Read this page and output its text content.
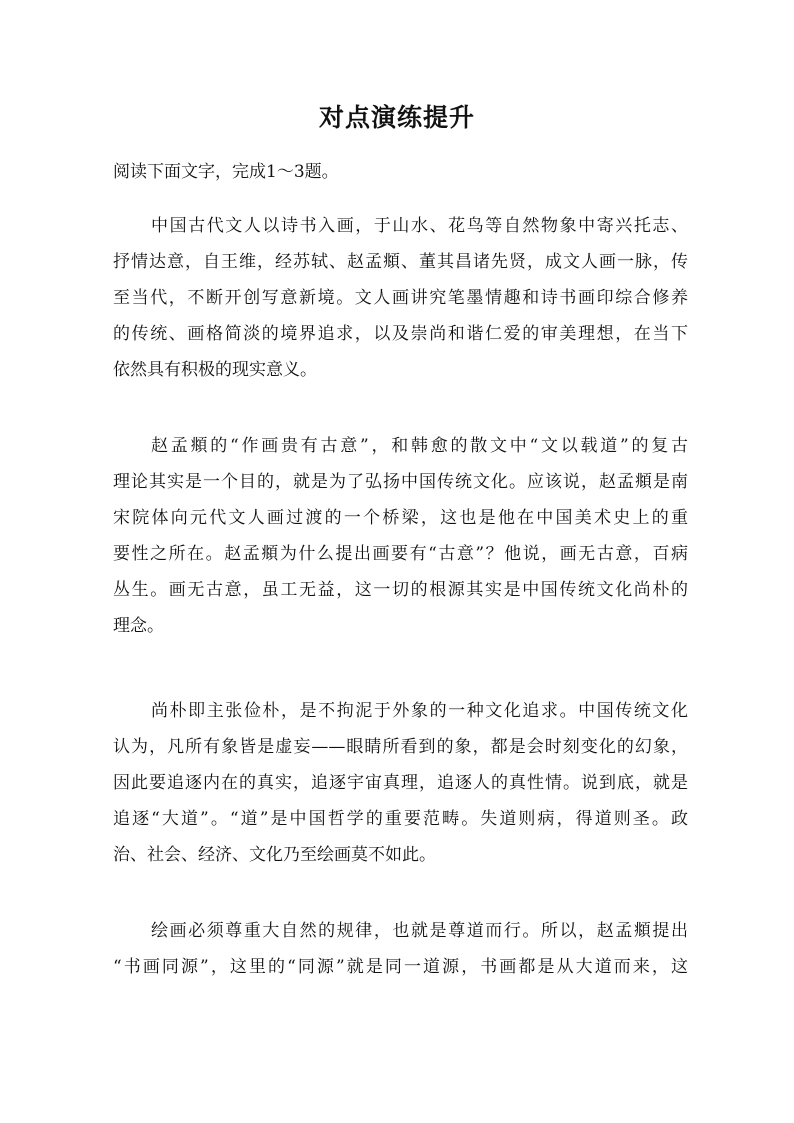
对点演练提升
阅读下面文字，完成1～3题。
中国古代文人以诗书入画，于山水、花鸟等自然物象中寄兴托志、
抒情达意，自王维，经苏轼、赵孟頫、董其昌诸先贤，成文人画一脉，传
至当代，不断开创写意新境。文人画讲究笔墨情趣和诗书画印综合修养
的传统、画格简淡的境界追求，以及崇尚和谐仁爱的审美理想，在当下
依然具有积极的现实意义。
赵孟頫的“作画贵有古意”，和韩愈的散文中“文以载道”的复古
理论其实是一个目的，就是为了弘扬中国传统文化。应该说，赵孟頫是南
宋院体向元代文人画过渡的一个桥梁，这也是他在中国美术史上的重
要性之所在。赵孟頫为什么提出画要有“古意”？他说，画无古意，百病
丛生。画无古意，虽工无益，这一切的根源其实是中国传统文化尚朴的
理念。
尚朴即主张俭朴，是不拘泥于外象的一种文化追求。中国传统文化
认为，凡所有象皆是虚妄——眼睛所看到的象，都是会时刻变化的幻象，
因此要追逐内在的真实，追逐宇宙真理，追逐人的真性情。说到底，就是
追逐“大道”。“道”是中国哲学的重要范畴。失道则病，得道则圣。政
治、社会、经济、文化乃至绘画莫不如此。
绘画必须尊重大自然的规律，也就是尊道而行。所以，赵孟頫提出
“书画同源”，这里的“同源”就是同一道源，书画都是从大道而来，这
